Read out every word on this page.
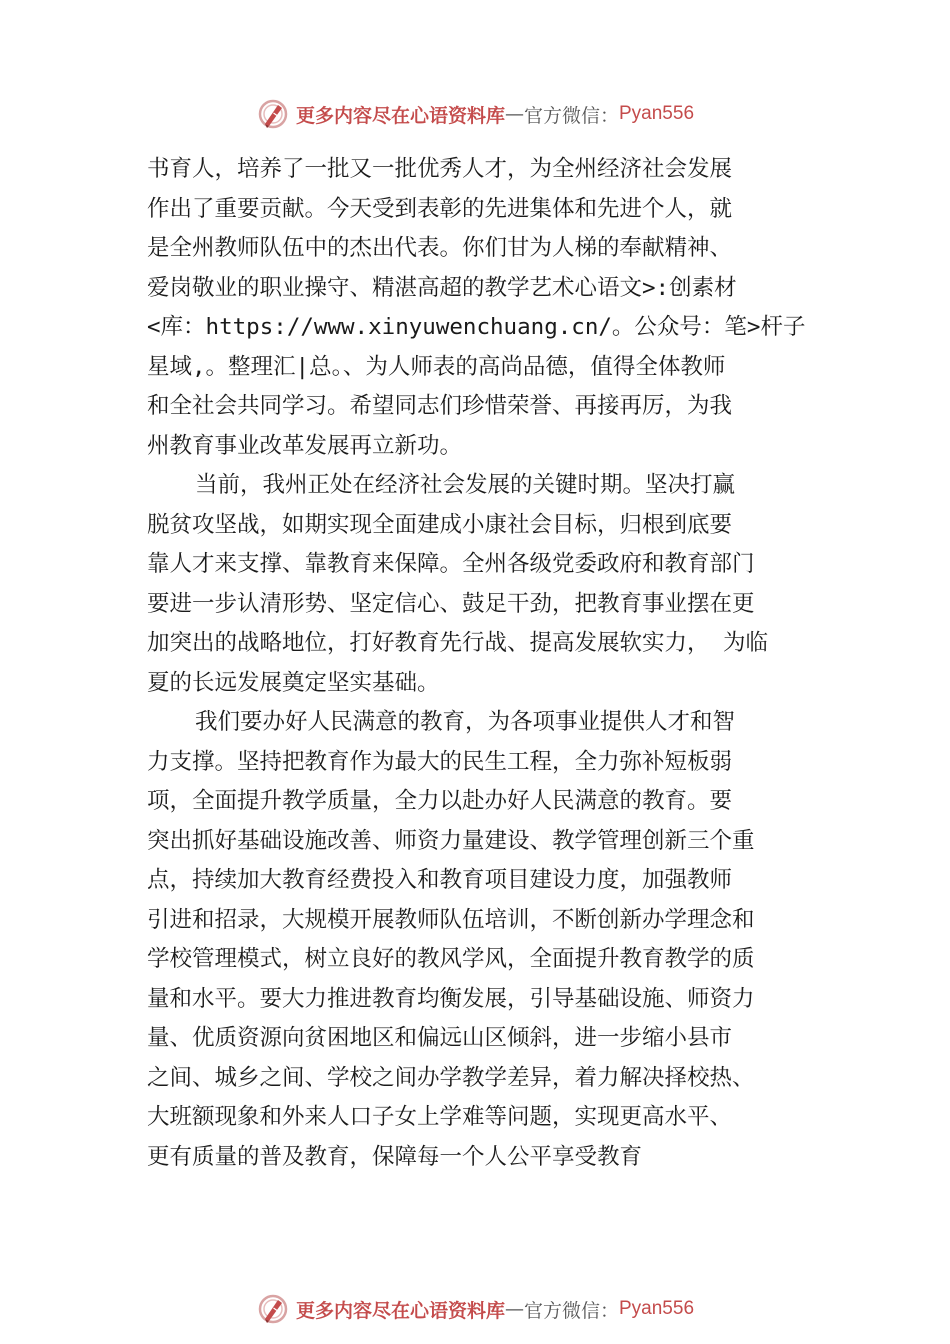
更多内容尽在心语资料库 — 官方微信： Pyan556
书育人，培养了一批又一批优秀人才，为全州经济社会发展
作出了重要贡献。今天受到表彰的先进集体和先进个人，就
是全州教师队伍中的杰出代表。你们甘为人梯的奉献精神、
爱岗敬业的职业操守、精湛高超的教学艺术心语文>:创素材
<库：https://www.xinyuwenchuang.cn/。公众号：笔>杆子
星域,。整理汇|总。、为人师表的高尚品德，值得全体教师
和全社会共同学习。希望同志们珍惜荣誉、再接再厉，为我
州教育事业改革发展再立新功。
当前，我州正处在经济社会发展的关键时期。坚决打赢
脱贫攻坚战，如期实现全面建成小康社会目标，归根到底要
靠人才来支撑、靠教育来保障。全州各级党委政府和教育部门
要进一步认清形势、坚定信心、鼓足干劲，把教育事业摆在更
加突出的战略地位，打好教育先行战、提高发展软实力， 为临
夏的长远发展奠定坚实基础。
我们要办好人民满意的教育，为各项事业提供人才和智
力支撑。坚持把教育作为最大的民生工程，全力弥补短板弱
项，全面提升教学质量，全力以赴办好人民满意的教育。要
突出抓好基础设施改善、师资力量建设、教学管理创新三个重
点，持续加大教育经费投入和教育项目建设力度，加强教师
引进和招录，大规模开展教师队伍培训，不断创新办学理念和
学校管理模式，树立良好的教风学风，全面提升教育教学的质
量和水平。要大力推进教育均衡发展，引导基础设施、师资力
量、优质资源向贫困地区和偏远山区倾斜，进一步缩小县市
之间、城乡之间、学校之间办学教学差异，着力解决择校热、
大班额现象和外来人口子女上学难等问题，实现更高水平、
更有质量的普及教育，保障每一个人公平享受教育
更多内容尽在心语资料库 — 官方微信： Pyan556
